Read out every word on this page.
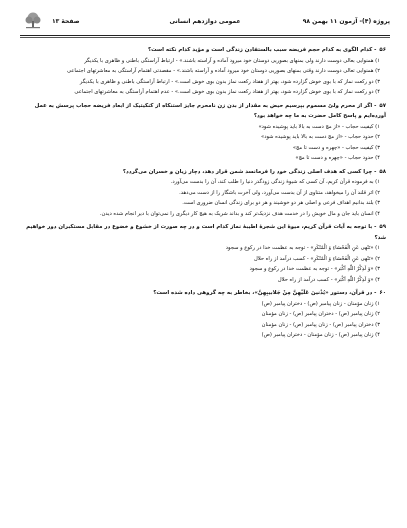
پروژه (۴)- آزمون ۱۱ بهمن ۹۸
عمومی دوازدهم انسانی
صفحهٔ ۱۳
۵۶- کدام الگوی به کدام حجم فریضه سبب بالستفادن زندگی است و مؤید کدام نکته است؟
۱) همنوایی بعالی دوست دارند ولی بمنهای بصوریی دوستان خود میرود آماده و آراسته باشند.» - ارتباط آراستگی باطنی و ظاهری با یکدیگر
۲) همنوایی تعالی دوست دارند وقتی بمنهای بصوریی دوستان خود میرود آماده و آراسته باشند.» - مقصدتی اهتمام آراستگی به معاشرتهای اجتماعی
۳) دو رکعت نماز که با بوی خوش گزارده شود، بهتر از هفتاد رکعت نماز بدون بوی خوش است.» - ارتباط آراستگی باطنی و ظاهری با یکدیگر
۴) دو رکعت نماز که با بوی خوش گزارده شود، بهتر از هفتاد رکعت نماز بدون بوی خوش است.» - عدم اهتمام آراستگی به معاشرتهای اجتماعی
۵۷- اگر از محرم ولیّ مسموم بپرسیم حیض به مقدار از بدن زن نامحرم جایز استنکاه از کنکیتیک از ابعاد فریضه حجاب پرسش به عمل آورده‌ایم و پاسخ کامل حضرت به ما چه خواهد بود؟
۱) کیفیت حجاب - «از مچ دست به بالا باید پوشیده شود»
۲) حدود حجاب - «از مچ دست به بالا باید پوشیده شود»
۳) کیفیت حجاب - «چهره و دست تا مچ»
۴) حدود حجاب - «چهره و دست تا مچ»
۵۸- چرا کسی که هدف اصلی زندگی خود را فرمانسد شمن قرار دهد، دچار زیان و خسران می‌گردد؟
۱) به فرموده قرآن کریم، آن کسی که شیوهٔ زندگی زودگذر دنیا را طلب کند، آن را بدست می‌آورد.
۲) اثر قلند آن را میخواهد، متناوی از آن بدست می‌آورد، ولی آخرت باشگار را از دست می‌دهد.
۳) بلند بدانیم اهداف فرعی و اصلی هر دو خوشیند و هر دو برای زندگی انسان ضروری است.
۴) انسان باید جان و مال خویش را در خدمت هدف نزدیک‌تر کند و بداند شریک به هیچ کار دیگری را نمی‌توان با دیر انجام شده دیدن.
۵۹- با توجه به آیات قرآن کریم، میوهٔ این شجرهٔ اطیبهٔ نماز کدام است و در چه صورت از خشوع و خضوع در مقابل مستکبران دور خواهیم شد؟
۱) «تَنْهی عَنِ الْفَحْشاءِ وَ الْمُنْکَرِ» - توجه به عظمت خدا در رکوع و سجود
۲) «تَنْهی عَنِ الْفَحْشاءِ وَ الْمُنْکَرِ» - کسب درآمد از راه حلال
۳) «وَ لَذِکْرُ اللّٰهِ اَکْبَر» - توجه به عظمت خدا در رکوع و سجود
۴) «وَ لَذِکْرُ اللّٰهِ اَکْبَر» - کسب درآمد از راه حلال
۶۰- در قرآن، دستور «یُدْنینَ عَلَیْهِنَّ مِنْ جَلابیبِهِنَّ»، بخاطر به چه گروهی داده شده است؟
۱) زنان مؤمنان - زنان پیامبر (ص) - دختران پیامبر (ص)
۲) زنان پیامبر (ص) - دختران پیامبر (ص) - زنان مؤمنان
۳) دختران پیامبر (ص) - زنان پیامبر (ص) - زنان مؤمنان
۴) زنان پیامبر (ص) - زنان مؤمنان - دختران پیامبر (ص)
